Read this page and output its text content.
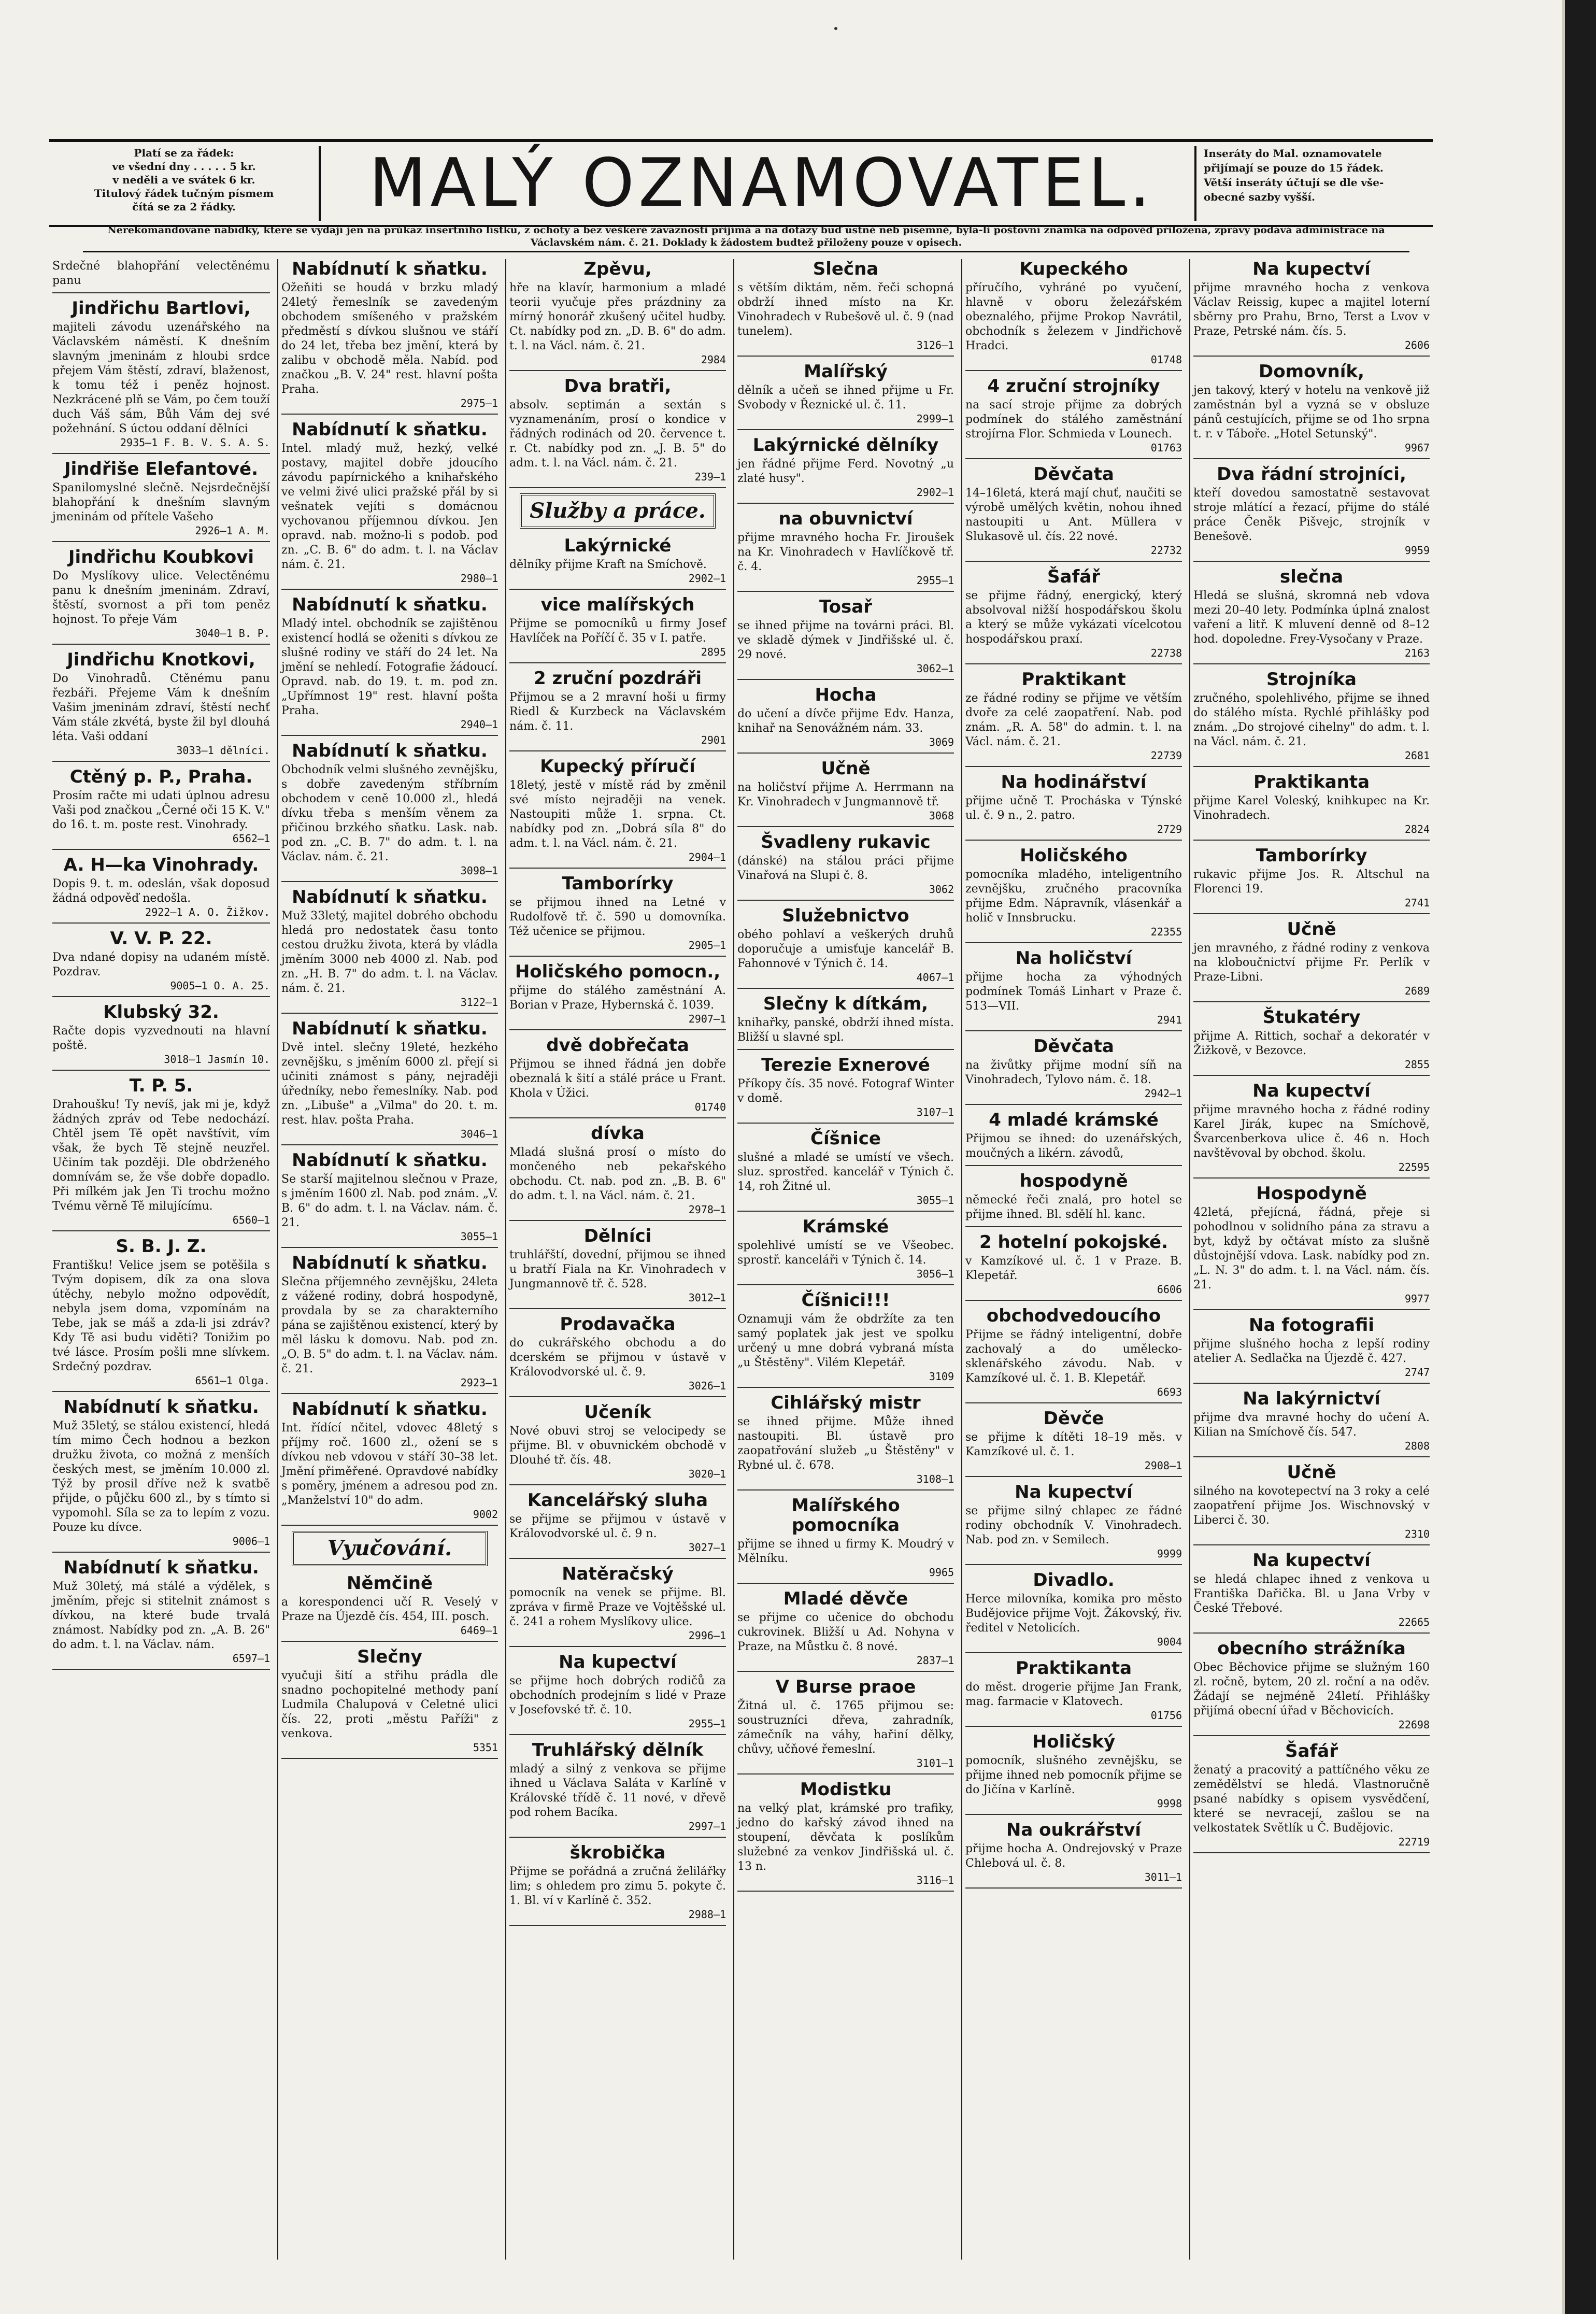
Platí se za řádek:
ve všední dny . . . . . 5 kr.
v neděli a ve svátek 6 kr.
Titulový řádek tučným písmem
čítá se za 2 řádky.	MALÝ OZNAMOVATEL.	Inseráty do Mal. oznamovatele
přijímají se pouze do 15 řádek.
Větší inseráty účtují se dle vše-
obecné sazby vyšší.
Nerekomandované nabídky, které se vydají jen na průkaz insertního lístku, z ochoty a bez veškeré závaznosti přijímá a na dotazy buď ústně neb písemně, byla-li poštovní známka na odpověď přiložena, zprávy podává administrace na Václavském nám. č. 21. Doklady k žádostem budtež přiloženy pouze v opisech.

Srdečné blahopřání velectěnému panu

Jindřichu Bartlovi,

majiteli závodu uzenářského na Václavském náměstí. K dnešním slavným jmeninám z hloubi srdce přejem Vám štěstí, zdraví, blaženost, k tomu též i peněz hojnost. Nezkrácené plň se Vám, po čem touží duch Váš sám, Bůh Vám dej své požehnání. S úctou oddaní dělníci

2935—1 F. B. V. S. A. S.

Jindřiše Elefantové.

Spanilomyslné slečně. Nejsrdečnější blahopřání k dnešním slavným jmeninám od přítele Vašeho

2926—1 A. M.

Jindřichu Koubkovi

Do Myslíkovy ulice. Velectěnému panu k dnešním jmeninám. Zdraví, štěstí, svornost a při tom peněz hojnost. To přeje Vám

3040—1 B. P.

Jindřichu Knotkovi,

Do Vinohradů. Ctěnému panu řezbáři. Přejeme Vám k dnešním Vašim jmeninám zdraví, štěstí nechť Vám stále zkvétá, byste žil byl dlouhá léta. Vaši oddaní

3033—1 dělníci.

Ctěný p. P., Praha.

Prosím račte mi udati úplnou adresu Vaši pod značkou „Černé oči 15 K. V." do 16. t. m. poste rest. Vinohrady.

6562—1

A. H—ka Vinohrady.

Dopis 9. t. m. odeslán, však doposud žádná odpověď nedošla.

2922—1 A. O. Žižkov.

V. V. P. 22.

Dva ndané dopisy na udaném místě. Pozdrav.

9005—1 O. A. 25.

Klubský 32.

Račte dopis vyzvednouti na hlavní poště.

3018—1 Jasmín 10.

T. P. 5.

Drahoušku! Ty nevíš, jak mi je, když žádných zpráv od Tebe nedochází. Chtěl jsem Tě opět navštívit, vím však, že bych Tě stejně neuzřel. Učiním tak později. Dle obdrženého domnívám se, že vše dobře dopadlo. Při mílkém jak Jen Ti trochu možno Tvému věrně Tě milujícímu.

6560—1

S. B. J. Z.

Františku! Velice jsem se potěšila s Tvým dopisem, dík za ona slova útěchy, nebylo možno odpovědít, nebyla jsem doma, vzpomínám na Tebe, jak se máš a zda-li jsi zdráv? Kdy Tě asi budu viděti? Tonižim po tvé lásce. Prosím pošli mne slívkem. Srdečný pozdrav.

6561—1 Olga.

Nabídnutí k sňatku.

Muž 35letý, se stálou existencí, hledá tím mimo Čech hodnou a bezkon družku života, co možná z menších českých mest, se jměním 10.000 zl. Týž by prosil dříve než k svatbě přijde, o půjčku 600 zl., by s tímto si vypomohl. Síla se za to lepím z vozu. Pouze ku dívce.

9006—1

Nabídnutí k sňatku.

Muž 30letý, má stálé a výdělek, s jměním, přejc si stitelnit známost s dívkou, na které bude trvalá známost. Nabídky pod zn. „A. B. 26" do adm. t. l. na Václav. nám.

6597—1

Nabídnutí k sňatku.

Ožeňiti se houdá v brzku mladý 24letý řemeslník se zavedeným obchodem smíšeného v pražském předměstí s dívkou slušnou ve stáří do 24 let, třeba bez jmění, která by zalibu v obchodě měla. Nabíd. pod značkou „B. V. 24" rest. hlavní pošta Praha.

2975—1

Nabídnutí k sňatku.

Intel. mladý muž, hezký, velké postavy, majitel dobře jdoucího závodu papírnického a knihařského ve velmi živé ulici pražské přál by si vešnatek vejíti s domácnou vychovanou příjemnou dívkou. Jen opravd. nab. možno-li s podob. pod zn. „C. B. 6" do adm. t. l. na Václav nám. č. 21.

2980—1

Nabídnutí k sňatku.

Mladý intel. obchodník se zajištěnou existencí hodlá se oženiti s dívkou ze slušné rodiny ve stáří do 24 let. Na jmění se nehledí. Fotografie žádoucí. Opravd. nab. do 19. t. m. pod zn. „Upřímnost 19" rest. hlavní pošta Praha.

2940—1

Nabídnutí k sňatku.

Obchodník velmi slušného zevnějšku, s dobře zavedeným stříbrním obchodem v ceně 10.000 zl., hledá dívku třeba s menším věnem za přičinou brzkého sňatku. Lask. nab. pod zn. „C. B. 7" do adm. t. l. na Václav. nám. č. 21.

3098—1

Nabídnutí k sňatku.

Muž 33letý, majitel dobrého obchodu hledá pro nedostatek času tonto cestou družku života, která by vládla jměním 3000 neb 4000 zl. Nab. pod zn. „H. B. 7" do adm. t. l. na Václav. nám. č. 21.

3122—1

Nabídnutí k sňatku.

Dvě intel. slečny 19leté, hezkého zevnějšku, s jměním 6000 zl. přejí si učiniti známost s pány, nejraději úředníky, nebo řemeslníky. Nab. pod zn. „Libuše" a „Vilma" do 20. t. m. rest. hlav. pošta Praha.

3046—1

Nabídnutí k sňatku.

Se starší majitelnou slečnou v Praze, s jměním 1600 zl. Nab. pod znám. „V. B. 6" do adm. t. l. na Václav. nám. č. 21.

3055—1

Nabídnutí k sňatku.

Slečna příjemného zevnějšku, 24leta z vážené rodiny, dobrá hospodyně, provdala by se za charakterního pána se zajištěnou existencí, který by měl lásku k domovu. Nab. pod zn. „O. B. 5" do adm. t. l. na Václav. nám. č. 21.

2923—1

Nabídnutí k sňatku.

Int. řídící nčitel, vdovec 48letý s příjmy roč. 1600 zl., ožení se s dívkou neb vdovou v stáří 30–38 let. Jmění přiměřené. Opravdové nabídky s poměry, jménem a adresou pod zn. „Manželství 10" do adm.

9002

Vyučování.
Němčině

a korespondenci učí R. Veselý v Praze na Újezdě čís. 454, III. posch.

6469—1

Slečny

vyučuji šití a střihu prádla dle snadno pochopitelné methody paní Ludmila Chalupová v Celetné ulici čís. 22, proti „městu Paříži" z venkova.

5351

Zpěvu,

hře na klavír, harmonium a mladé teorii vyučuje přes prázdniny za mírný honorář zkušený učitel hudby. Ct. nabídky pod zn. „D. B. 6" do adm. t. l. na Václ. nám. č. 21.

2984

Dva bratři,

absolv. septimán a sextán s vyznamenáním, prosí o kondice v řádných rodinách od 20. července t. r. Ct. nabídky pod zn. „J. B. 5" do adm. t. l. na Václ. nám. č. 21.

239—1

Služby a práce.
Lakýrnické

dělníky přijme Kraft na Smíchově.

2902—1

vice malířských

Přijme se pomocníků u firmy Josef Havlíček na Poříčí č. 35 v I. patře.

2895

2 zruční pozdráři

Přijmou se a 2 mravní hoši u firmy Riedl & Kurzbeck na Václavském nám. č. 11.

2901

Kupecký příručí

18letý, jestě v místě rád by změnil své místo nejraději na venek. Nastoupiti může 1. srpna. Ct. nabídky pod zn. „Dobrá síla 8" do adm. t. l. na Václ. nám. č. 21.

2904—1

Tamborírky

se přijmou ihned na Letné v Rudolfově tř. č. 590 u domovníka. Též učenice se přijmou.

2905—1

Holičského pomocn.,

přijme do stálého zaměstnání A. Borian v Praze, Hybernská č. 1039.

2907—1

dvě dobřečata

Přijmou se ihned řádná jen dobře obeznalá k šití a stálé práce u Frant. Khola v Úžici.

01740

dívka

Mladá slušná prosí o místo do mončeného neb pekařského obchodu. Ct. nab. pod zn. „B. B. 6" do adm. t. l. na Václ. nám. č. 21.

2978—1

Dělníci

truhlářští, dovední, přijmou se ihned u bratří Fiala na Kr. Vinohradech v Jungmannově tř. č. 528.

3012—1

Prodavačka

do cukrářského obchodu a do dcerském se přijmou v ústavě v Královodvorské ul. č. 9.

3026—1

Učeník

Nové obuvi stroj se velocipedy se přijme. Bl. v obuvnickém obchodě v Dlouhé tř. čís. 48.

3020—1

Kancelářský sluha

se přijme se přijmou v ústavě v Královodvorské ul. č. 9 n.

3027—1

Natěračský

pomocník na venek se přijme. Bl. zpráva v firmě Praze ve Vojtěšské ul. č. 241 a rohem Myslíkovy ulice.

2996—1

Na kupectví

se přijme hoch dobrých rodičů za obchodních prodejním s lidé v Praze v Josefovské tř. č. 10.

2955—1

Truhlářský dělník

mladý a silný z venkova se přijme ihned u Václava Saláta v Karlíně v Královské třídě č. 11 nové, v dřevě pod rohem Bacíka.

2997—1

škrobička

Přijme se pořádná a zručná želilářky lim; s ohledem pro zimu 5. pokyte č. 1. Bl. ví v Karlíně č. 352.

2988—1

Slečna

s větším diktám, něm. řeči schopná obdrží ihned místo na Kr. Vinohradech v Rubešově ul. č. 9 (nad tunelem).

3126—1

Malířský

dělník a učeň se ihned přijme u Fr. Svobody v Řeznické ul. č. 11.

2999—1

Lakýrnické dělníky

jen řádné přijme Ferd. Novotný „u zlaté husy".

2902—1

na obuvnictví

přijme mravného hocha Fr. Jiroušek na Kr. Vinohradech v Havlíčkově tř. č. 4.

2955—1

Tosař

se ihned přijme na továrni práci. Bl. ve skladě dýmek v Jindřišské ul. č. 29 nové.

3062—1

Hocha

do učení a dívče přijme Edv. Hanza, knihař na Senovážném nám. 33.

3069

Učně

na holičství přijme A. Herrmann na Kr. Vinohradech v Jungmannově tř.

3068

Švadleny rukavic

(dánské) na stálou práci přijme Vinařová na Slupi č. 8.

3062

Služebnictvo

obého pohlaví a veškerých druhů doporučuje a umisťuje kancelář B. Fahonnové v Týnich č. 14.

4067—1

Slečny k dítkám,

knihařky, panské, obdrží ihned místa. Bližší u slavné spl.

Terezie Exnerové

Příkopy čís. 35 nové. Fotograf Winter v domě.

3107—1

Číšnice

slušné a mladé se umístí ve všech. sluz. sprostřed. kancelář v Týnich č. 14, roh Žitné ul.

3055—1

Krámské

spolehlivé umístí se ve Všeobec. sprostř. kanceláři v Týnich č. 14.

3056—1

Číšnici!!!

Oznamuji vám že obdržíte za ten samý poplatek jak jest ve spolku určený u mne dobrá vybraná místa „u Štěstěny". Vilém Klepetář.

3109

Cihlářský mistr

se ihned přijme. Může ihned nastoupiti. Bl. ústavě pro zaopatřování služeb „u Štěstěny" v Rybné ul. č. 678.

3108—1

Malířského pomocníka

přijme se ihned u firmy K. Moudrý v Mělníku.

9965

Mladé děvče

se přijme co učenice do obchodu cukrovinek. Bližší u Ad. Nohyna v Praze, na Můstku č. 8 nové.

2837—1

V Burse praoe

Žitná ul. č. 1765 přijmou se: soustruzníci dřeva, zahradník, zámečník na váhy, hařiní dělky, chůvy, učňové řemeslní.

3101—1

Modistku

na velký plat, krámské pro trafiky, jedno do kařský závod ihned na stoupení, děvčata k poslíkům služebné za venkov Jindřišská ul. č. 13 n.

3116—1

Kupeckého

příručího, vyhráné po vyučení, hlavně v oboru železářském obeznalého, přijme Prokop Navrátil, obchodník s železem v Jindřichově Hradci.

01748

4 zruční strojníky

na sací stroje přijme za dobrých podmínek do stálého zaměstnání strojírna Flor. Schmieda v Lounech.

01763

Děvčata

14–16letá, která mají chuť, naučiti se výrobě umělých květin, nohou ihned nastoupiti u Ant. Müllera v Slukasově ul. čís. 22 nové.

22732

Šafář

se přijme řádný, energický, který absolvoval nižší hospodářskou školu a který se může vykázati vícelcotou hospodářskou praxí.

22738

Praktikant

ze řádné rodiny se přijme ve větším dvoře za celé zaopatření. Nab. pod znám. „R. A. 58" do admin. t. l. na Václ. nám. č. 21.

22739

Na hodinářství

přijme učně T. Procháska v Týnské ul. č. 9 n., 2. patro.

2729

Holičského

pomocníka mladého, inteligentního zevnějšku, zručného pracovníka přijme Edm. Nápravník, vlásenkář a holič v Innsbrucku.

22355

Na holičství

přijme hocha za výhodných podmínek Tomáš Linhart v Praze č. 513—VII.

2941

Děvčata

na živůtky přijme modní síň na Vinohradech, Tylovo nám. č. 18.

2942—1

4 mladé krámské

Přijmou se ihned: do uzenářských, moučných a likérn. závodů,

hospodyně

německé řeči znalá, pro hotel se přijme ihned. Bl. sdělí hl. kanc.

2 hotelní pokojské.

v Kamzíkové ul. č. 1 v Praze. B. Klepetář.

6606

obchodvedoucího

Přijme se řádný inteligentní, dobře zachovalý a do umělecko-sklenářského závodu. Nab. v Kamzíkové ul. č. 1. B. Klepetář.

6693

Děvče

se přijme k dítěti 18–19 měs. v Kamzíkové ul. č. 1.

2908—1

Na kupectví

se přijme silný chlapec ze řádné rodiny obchodník V. Vinohradech. Nab. pod zn. v Semilech.

9999

Divadlo.

Herce milovníka, komika pro město Budějovice přijme Vojt. Žákovský, řiv. ředitel v Netolicích.

9004

Praktikanta

do měst. drogerie přijme Jan Frank, mag. farmacie v Klatovech.

01756

Holičský

pomocník, slušného zevnějšku, se přijme ihned neb pomocník přijme se do Jičína v Karlíně.

9998

Na oukrářství

přijme hocha A. Ondrejovský v Praze Chlebová ul. č. 8.

3011—1

Na kupectví

přijme mravného hocha z venkova Václav Reissig, kupec a majitel loterní sběrny pro Prahu, Brno, Terst a Lvov v Praze, Petrské nám. čís. 5.

2606

Domovník,

jen takový, který v hotelu na venkově již zaměstnán byl a vyzná se v obsluze pánů cestujících, přijme se od 1ho srpna t. r. v Táboře. „Hotel Setunský".

9967

Dva řádní strojníci,

kteří dovedou samostatně sestavovat stroje mlátící a řezací, přijme do stálé práce Čeněk Pišvejc, strojník v Benešově.

9959

slečna

Hledá se slušná, skromná neb vdova mezi 20–40 lety. Podmínka úplná znalost vaření a litř. K mluvení denně od 8–12 hod. dopoledne. Frey-Vysočany v Praze.

2163

Strojníka

zručného, spolehlivého, přijme se ihned do stálého místa. Rychlé přihlášky pod znám. „Do strojové cihelny" do adm. t. l. na Václ. nám. č. 21.

2681

Praktikanta

přijme Karel Voleský, knihkupec na Kr. Vinohradech.

2824

Tamborírky

rukavic přijme Jos. R. Altschul na Florenci 19.

2741

Učně

jen mravného, z řádné rodiny z venkova na kloboučnictví přijme Fr. Perlík v Praze-Libni.

2689

Štukatéry

přijme A. Rittich, sochař a dekoratér v Žižkově, v Bezovce.

2855

Na kupectví

přijme mravného hocha z řádné rodiny Karel Jirák, kupec na Smíchově, Švarcenberkova ulice č. 46 n. Hoch navštěvoval by obchod. školu.

22595

Hospodyně

42letá, přejícná, řádná, přeje si pohodlnou v solidního pána za stravu a byt, když by očtávat místo za slušně důstojnější vdova. Lask. nabídky pod zn. „L. N. 3" do adm. t. l. na Václ. nám. čís. 21.

9977

Na fotografii

přijme slušného hocha z lepší rodiny atelier A. Sedlačka na Újezdě č. 427.

2747

Na lakýrnictví

přijme dva mravné hochy do učení A. Kilian na Smíchově čís. 547.

2808

Učně

silného na kovotepectví na 3 roky a celé zaopatření přijme Jos. Wischnovský v Liberci č. 30.

2310

Na kupectví

se hledá chlapec ihned z venkova u Františka Dařička. Bl. u Jana Vrby v České Třebové.

22665

obecního strážníka

Obec Běchovice přijme se služným 160 zl. ročně, bytem, 20 zl. roční a na oděv. Žádají se nejméně 24letí. Přihlášky přijímá obecní úřad v Běchovicích.

22698

Šafář

ženatý a pracovitý a pattíčného věku ze zemědělství se hledá. Vlastnoručně psané nabídky s opisem vysvědčení, které se nevracejí, zašlou se na velkostatek Světlík u Č. Budějovic.

22719
